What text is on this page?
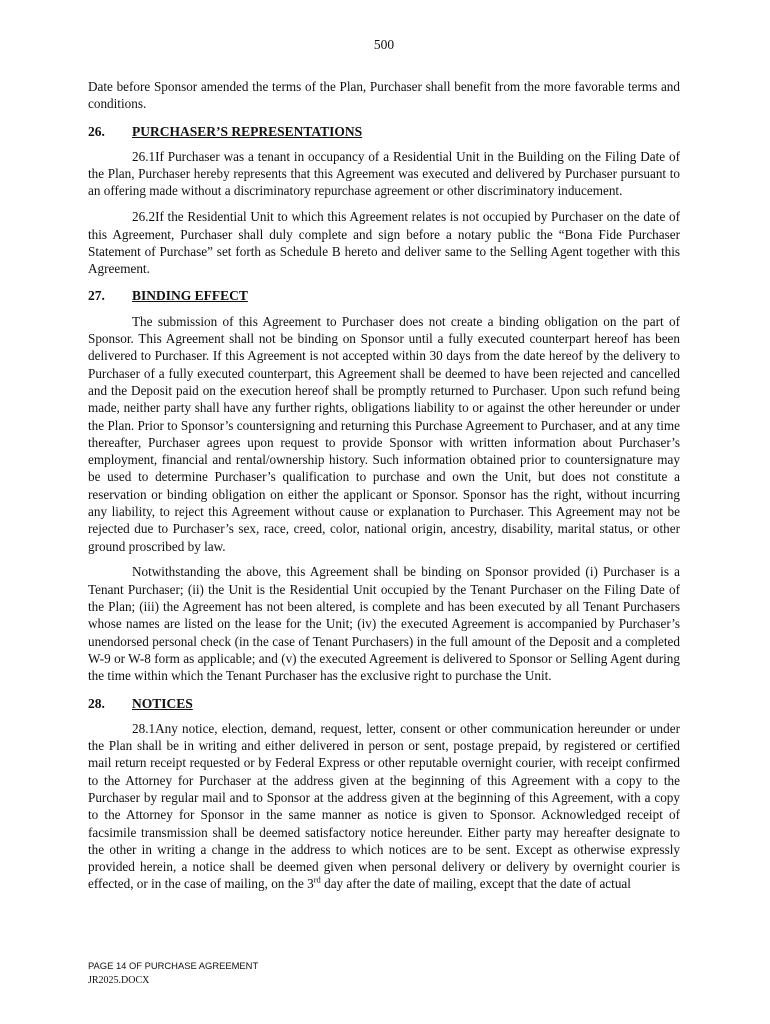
500

Date before Sponsor amended the terms of the Plan, Purchaser shall benefit from the more favorable terms and conditions.

26. PURCHASER’S REPRESENTATIONS

26.1If Purchaser was a tenant in occupancy of a Residential Unit in the Building on the Filing Date of the Plan, Purchaser hereby represents that this Agreement was executed and delivered by Purchaser pursuant to an offering made without a discriminatory repurchase agreement or other discriminatory inducement.

26.2If the Residential Unit to which this Agreement relates is not occupied by Purchaser on the date of this Agreement, Purchaser shall duly complete and sign before a notary public the “Bona Fide Purchaser Statement of Purchase” set forth as Schedule B hereto and deliver same to the Selling Agent together with this Agreement.

27. BINDING EFFECT

The submission of this Agreement to Purchaser does not create a binding obligation on the part of Sponsor. This Agreement shall not be binding on Sponsor until a fully executed counterpart hereof has been delivered to Purchaser. If this Agreement is not accepted within 30 days from the date hereof by the delivery to Purchaser of a fully executed counterpart, this Agreement shall be deemed to have been rejected and cancelled and the Deposit paid on the execution hereof shall be promptly returned to Purchaser. Upon such refund being made, neither party shall have any further rights, obligations liability to or against the other hereunder or under the Plan. Prior to Sponsor’s countersigning and returning this Purchase Agreement to Purchaser, and at any time thereafter, Purchaser agrees upon request to provide Sponsor with written information about Purchaser’s employment, financial and rental/ownership history. Such information obtained prior to countersignature may be used to determine Purchaser’s qualification to purchase and own the Unit, but does not constitute a reservation or binding obligation on either the applicant or Sponsor. Sponsor has the right, without incurring any liability, to reject this Agreement without cause or explanation to Purchaser. This Agreement may not be rejected due to Purchaser’s sex, race, creed, color, national origin, ancestry, disability, marital status, or other ground proscribed by law.

Notwithstanding the above, this Agreement shall be binding on Sponsor provided (i) Purchaser is a Tenant Purchaser; (ii) the Unit is the Residential Unit occupied by the Tenant Purchaser on the Filing Date of the Plan; (iii) the Agreement has not been altered, is complete and has been executed by all Tenant Purchasers whose names are listed on the lease for the Unit; (iv) the executed Agreement is accompanied by Purchaser’s unendorsed personal check (in the case of Tenant Purchasers) in the full amount of the Deposit and a completed W-9 or W-8 form as applicable; and (v) the executed Agreement is delivered to Sponsor or Selling Agent during the time within which the Tenant Purchaser has the exclusive right to purchase the Unit.

28. NOTICES

28.1Any notice, election, demand, request, letter, consent or other communication hereunder or under the Plan shall be in writing and either delivered in person or sent, postage prepaid, by registered or certified mail return receipt requested or by Federal Express or other reputable overnight courier, with receipt confirmed to the Attorney for Purchaser at the address given at the beginning of this Agreement with a copy to the Purchaser by regular mail and to Sponsor at the address given at the beginning of this Agreement, with a copy to the Attorney for Sponsor in the same manner as notice is given to Sponsor. Acknowledged receipt of facsimile transmission shall be deemed satisfactory notice hereunder. Either party may hereafter designate to the other in writing a change in the address to which notices are to be sent. Except as otherwise expressly provided herein, a notice shall be deemed given when personal delivery or delivery by overnight courier is effected, or in the case of mailing, on the 3rd day after the date of mailing, except that the date of actual

PAGE 14 OF PURCHASE AGREEMENT
JR2025.DOCX
